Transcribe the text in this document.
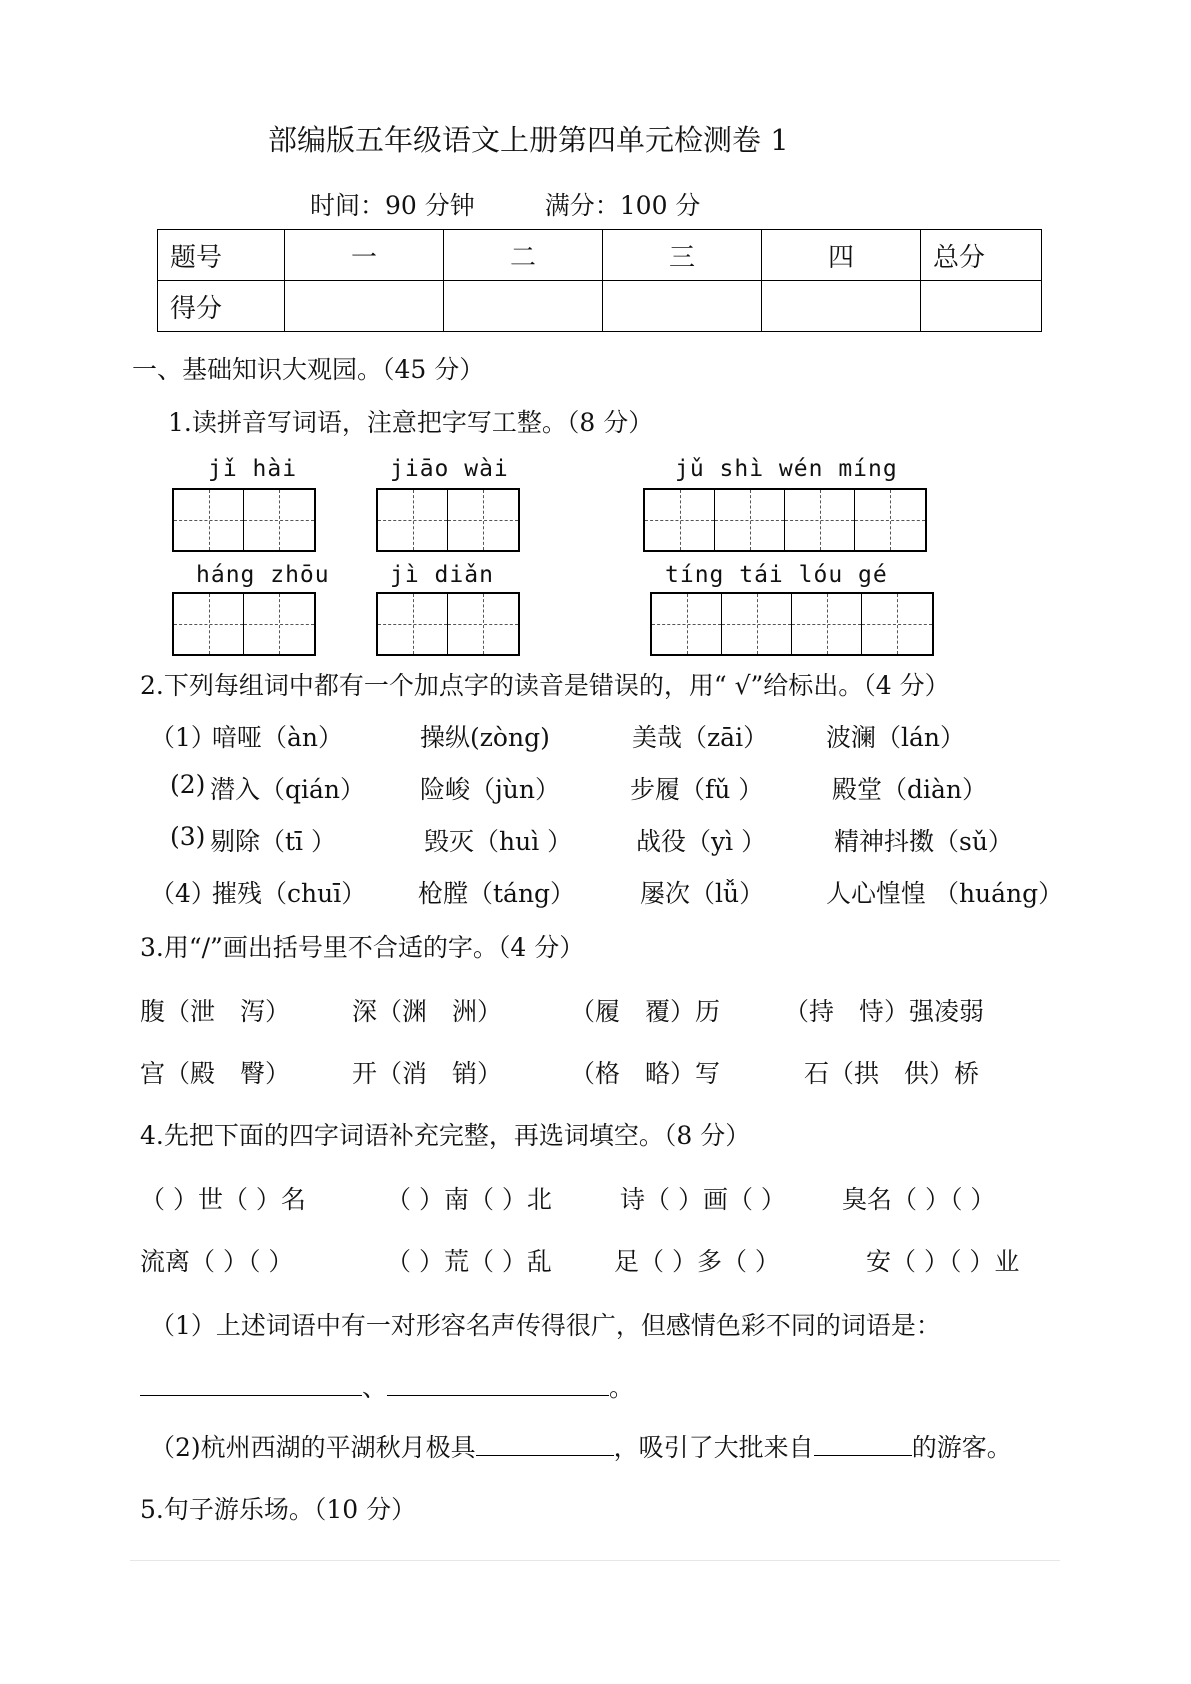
部编版五年级语文上册第四单元检测卷 1
时间：90 分钟	满分：100 分
题号	一	二	三	四	总分
得分					
一、基础知识大观园。（45 分）
1.读拼音写词语，注意把字写工整。（8 分）
jǐ hài	jiāo wài	jǔ shì wén míng
háng zhōu	jì diǎn	tíng tái lóu gé
2.下列每组词中都有一个加点字的读音是错误的，用“ √”给标出。（4 分）
（1）
喑哑（àn）	操纵(zòng)	美哉（zāi） 波澜（lán）
(2) 潜入（qián） 险峻（jùn）	步履（fǔ ）	殿堂（diàn）
(3) 剔除（tī ）	毁灭（huì ）	战役（yì ）	精神抖擞（sǔ）
（4）
摧残（chuī） 枪膛（táng）	屡次（lǚ） 人心惶惶 （huáng）
3.用“/”画出括号里不合适的字。（4 分）
腹（泄　泻） 深（渊　洲）	（履　覆）历	（持　恃）强凌弱
宫（殿　臀） 开（消　销）	（格　略）写	石（拱　供）桥
4.先把下面的四字词语补充完整，再选词填空。（8 分）
（ ）世（ ）名	（ ）南（ ）北	诗（ ）画（ ） 臭名（ ）（ ）
流离（ ）（ ）	（ ）荒（ ）乱 足（ ）多（ ）	安（ ）（ ）业
（1）上述词语中有一对形容名声传得很广，但感情色彩不同的词语是：
、	。
（2)杭州西湖的平湖秋月极具	，吸引了大批来自	的游客。
5.句子游乐场。（10 分）
